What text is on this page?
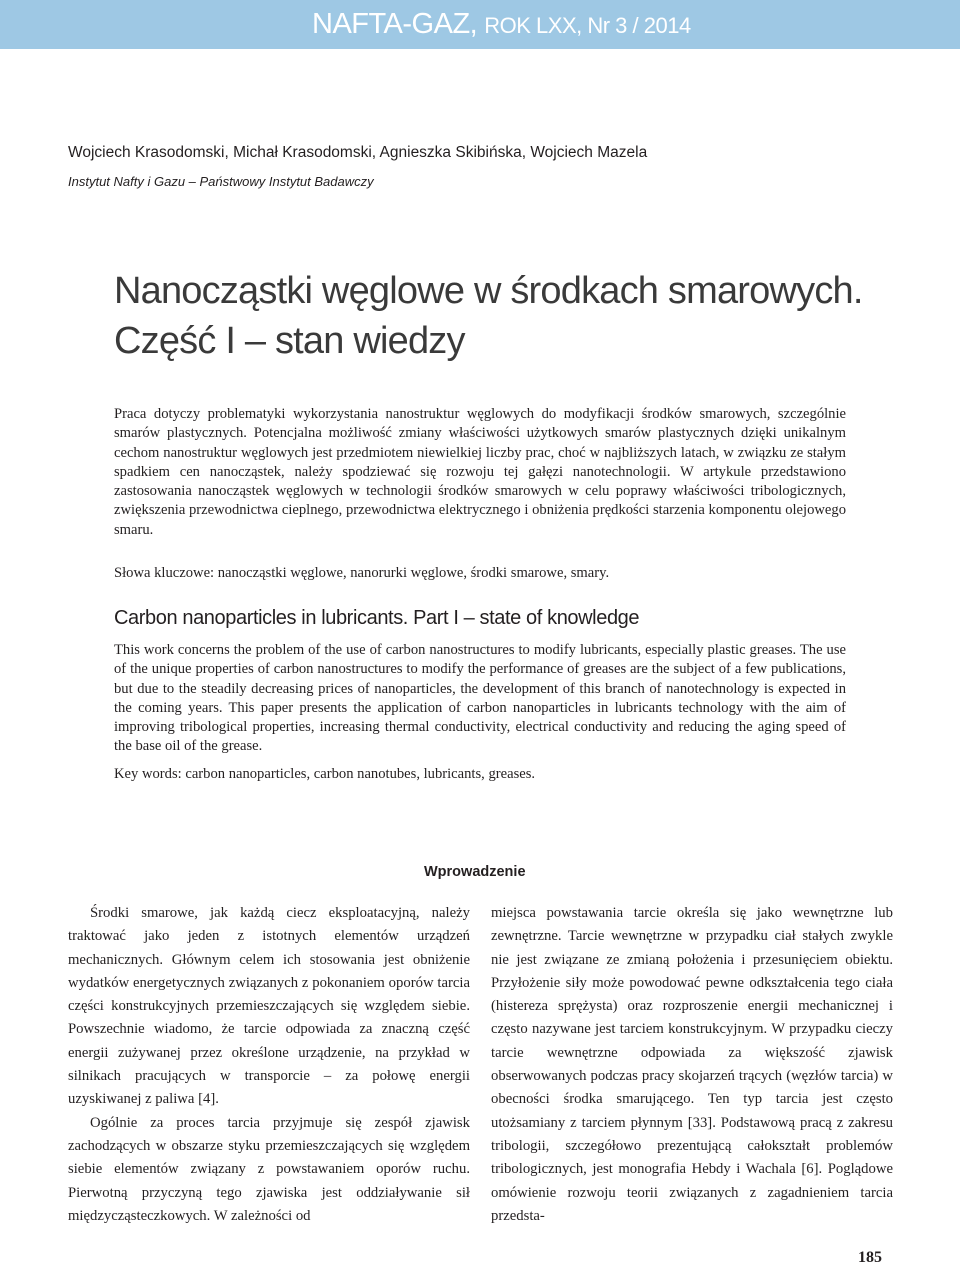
NAFTA-GAZ, ROK LXX, Nr 3 / 2014
Wojciech Krasodomski, Michał Krasodomski, Agnieszka Skibińska, Wojciech Mazela
Instytut Nafty i Gazu – Państwowy Instytut Badawczy
Nanocząstki węglowe w środkach smarowych.
Część I – stan wiedzy
Praca dotyczy problematyki wykorzystania nanostruktur węglowych do modyfikacji środków smarowych, szczególnie smarów plastycznych. Potencjalna możliwość zmiany właściwości użytkowych smarów plastycznych dzięki unikalnym cechom nanostruktur węglowych jest przedmiotem niewielkiej liczby prac, choć w najbliższych latach, w związku ze stałym spadkiem cen nanocząstek, należy spodziewać się rozwoju tej gałęzi nanotechnologii. W artykule przedstawiono zastosowania nanocząstek węglowych w technologii środków smarowych w celu poprawy właściwości tribologicznych, zwiększenia przewodnictwa cieplnego, przewodnictwa elektrycznego i obniżenia prędkości starzenia komponentu olejowego smaru.
Słowa kluczowe: nanocząstki węglowe, nanorurki węglowe, środki smarowe, smary.
Carbon nanoparticles in lubricants. Part I – state of knowledge
This work concerns the problem of the use of carbon nanostructures to modify lubricants, especially plastic greases. The use of the unique properties of carbon nanostructures to modify the performance of greases are the subject of a few publications, but due to the steadily decreasing prices of nanoparticles, the development of this branch of nanotechnology is expected in the coming years. This paper presents the application of carbon nanoparticles in lubricants technology with the aim of improving tribological properties, increasing thermal conductivity, electrical conductivity and reducing the aging speed of the base oil of the grease.
Key words: carbon nanoparticles, carbon nanotubes, lubricants, greases.
Wprowadzenie

Środki smarowe, jak każdą ciecz eksploatacyjną, należy traktować jako jeden z istotnych elementów urządzeń mechanicznych. Głównym celem ich stosowania jest obniżenie wydatków energetycznych związanych z pokonaniem oporów tarcia części konstrukcyjnych przemieszczających się względem siebie. Powszechnie wiadomo, że tarcie odpowiada za znaczną część energii zużywanej przez określone urządzenie, na przykład w silnikach pracujących w transporcie – za połowę energii uzyskiwanej z paliwa [4].

Ogólnie za proces tarcia przyjmuje się zespół zjawisk zachodzących w obszarze styku przemieszczających się względem siebie elementów związany z powstawaniem oporów ruchu. Pierwotną przyczyną tego zjawiska jest oddziaływanie sił międzycząsteczkowych. W zależności od

miejsca powstawania tarcie określa się jako wewnętrzne lub zewnętrzne. Tarcie wewnętrzne w przypadku ciał stałych zwykle nie jest związane ze zmianą położenia i przesunięciem obiektu. Przyłożenie siły może powodować pewne odkształcenia tego ciała (histereza sprężysta) oraz rozproszenie energii mechanicznej i często nazywane jest tarciem konstrukcyjnym. W przypadku cieczy tarcie wewnętrzne odpowiada za większość zjawisk obserwowanych podczas pracy skojarzeń trących (węzłów tarcia) w obecności środka smarującego. Ten typ tarcia jest często utożsamiany z tarciem płynnym [33]. Podstawową pracą z zakresu tribologii, szczegółowo prezentującą całokształt problemów tribologicznych, jest monografia Hebdy i Wachala [6]. Poglądowe omówienie rozwoju teorii związanych z zagadnieniem tarcia przedsta-

185
